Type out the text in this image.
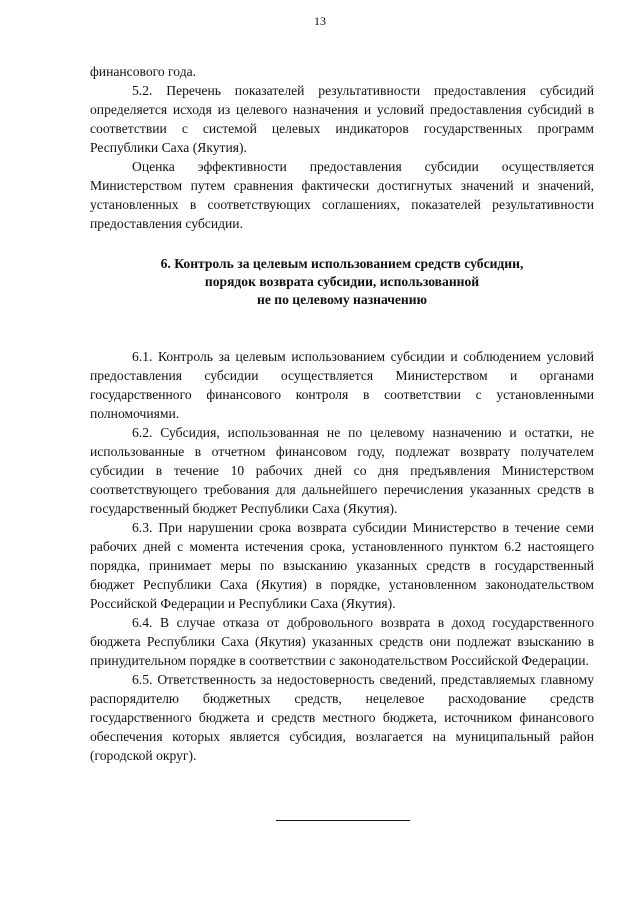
13

финансового года.

5.2. Перечень показателей результативности предоставления субсидий определяется исходя из целевого назначения и условий предоставления субсидий в соответствии с системой целевых индикаторов государственных программ Республики Саха (Якутия).

Оценка эффективности предоставления субсидии осуществляется Министерством путем сравнения фактически достигнутых значений и значений, установленных в соответствующих соглашениях, показателей результативности предоставления субсидии.

6. Контроль за целевым использованием средств субсидии,
порядок возврата субсидии, использованной
не по целевому назначению

6.1. Контроль за целевым использованием субсидии и соблюдением условий предоставления субсидии осуществляется Министерством и органами государственного финансового контроля в соответствии с установленными полномочиями.

6.2. Субсидия, использованная не по целевому назначению и остатки, не использованные в отчетном финансовом году, подлежат возврату получателем субсидии в течение 10 рабочих дней со дня предъявления Министерством соответствующего требования для дальнейшего перечисления указанных средств в государственный бюджет Республики Саха (Якутия).

6.3. При нарушении срока возврата субсидии Министерство в течение семи рабочих дней с момента истечения срока, установленного пунктом 6.2 настоящего порядка, принимает меры по взысканию указанных средств в государственный бюджет Республики Саха (Якутия) в порядке, установленном законодательством Российской Федерации и Республики Саха (Якутия).

6.4. В случае отказа от добровольного возврата в доход государственного бюджета Республики Саха (Якутия) указанных средств они подлежат взысканию в принудительном порядке в соответствии с законодательством Российской Федерации.

6.5. Ответственность за недостоверность сведений, представляемых главному распорядителю бюджетных средств, нецелевое расходование средств государственного бюджета и средств местного бюджета, источником финансового обеспечения которых является субсидия, возлагается на муниципальный район (городской округ).
